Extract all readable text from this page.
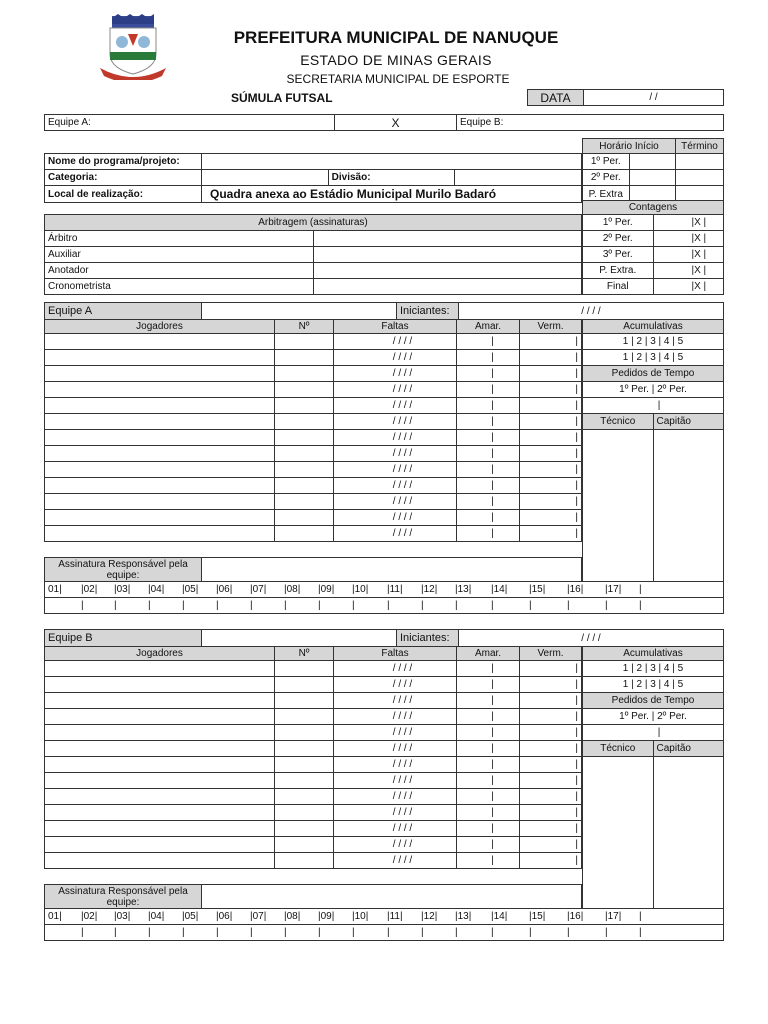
PREFEITURA MUNICIPAL DE NANUQUE
ESTADO DE MINAS GERAIS
SECRETARIA MUNICIPAL DE ESPORTE
SÚMULA FUTSAL	DATA	/ /
Equipe A:	X	Equipe B:
Nome do programa/projeto:			
Categoria:		Divisão:	
Local de realização:	Quadra anexa ao Estádio Municipal Murilo Badaró		
Horário Início		Término
1º Per.		
2º Per.		
P. Extra		
Arbitragem (assinaturas)	
Árbitro	
Auxiliar	
Anotador	
Cronometrista	
Contagens	
1º Per.	|X |
2º Per.	|X |
3º Per.	|X |
P. Extra.	|X |
Final	|X |
Equipe A		Iniciantes:	/ / / /
Jogadores	Nº	Faltas	Amar.	Verm.
		/ / / /	|	|
		/ / / /	|	|
		/ / / /	|	|
		/ / / /	|	|
		/ / / /	|	|
		/ / / /	|	|
		/ / / /	|	|
		/ / / /	|	|
		/ / / /	|	|
		/ / / /	|	|
		/ / / /	|	|
		/ / / /	|	|
		/ / / /	|	|
Acumulativas	
1 | 2 | 3 | 4 | 5	
1 | 2 | 3 | 4 | 5	
Pedidos de Tempo	
1º Per. | 2º Per.	
|	
Técnico	Capitão

Assinatura Responsável pela equipe:	
01| |02| |03| |04| |05| |06| |07| |08| |09| |10| |11| |12| |13| |14| |15| |16| |17| |
|	|	|	|	|	|	|	|	|	|	|	|	|	|	|	|	|
Equipe B		Iniciantes:	/ / / /
Jogadores	Nº	Faltas	Amar.	Verm.
		/ / / /	|	|
		/ / / /	|	|
		/ / / /	|	|
		/ / / /	|	|
		/ / / /	|	|
		/ / / /	|	|
		/ / / /	|	|
		/ / / /	|	|
		/ / / /	|	|
		/ / / /	|	|
		/ / / /	|	|
		/ / / /	|	|
		/ / / /	|	|
Acumulativas	
1 | 2 | 3 | 4 | 5	
1 | 2 | 3 | 4 | 5	
Pedidos de Tempo	
1º Per. | 2º Per.	
|	
Técnico	Capitão

Assinatura Responsável pela equipe:	
01| |02| |03| |04| |05| |06| |07| |08| |09| |10| |11| |12| |13| |14| |15| |16| |17| |
|	|	|	|	|	|	|	|	|	|	|	|	|	|	|	|	|
